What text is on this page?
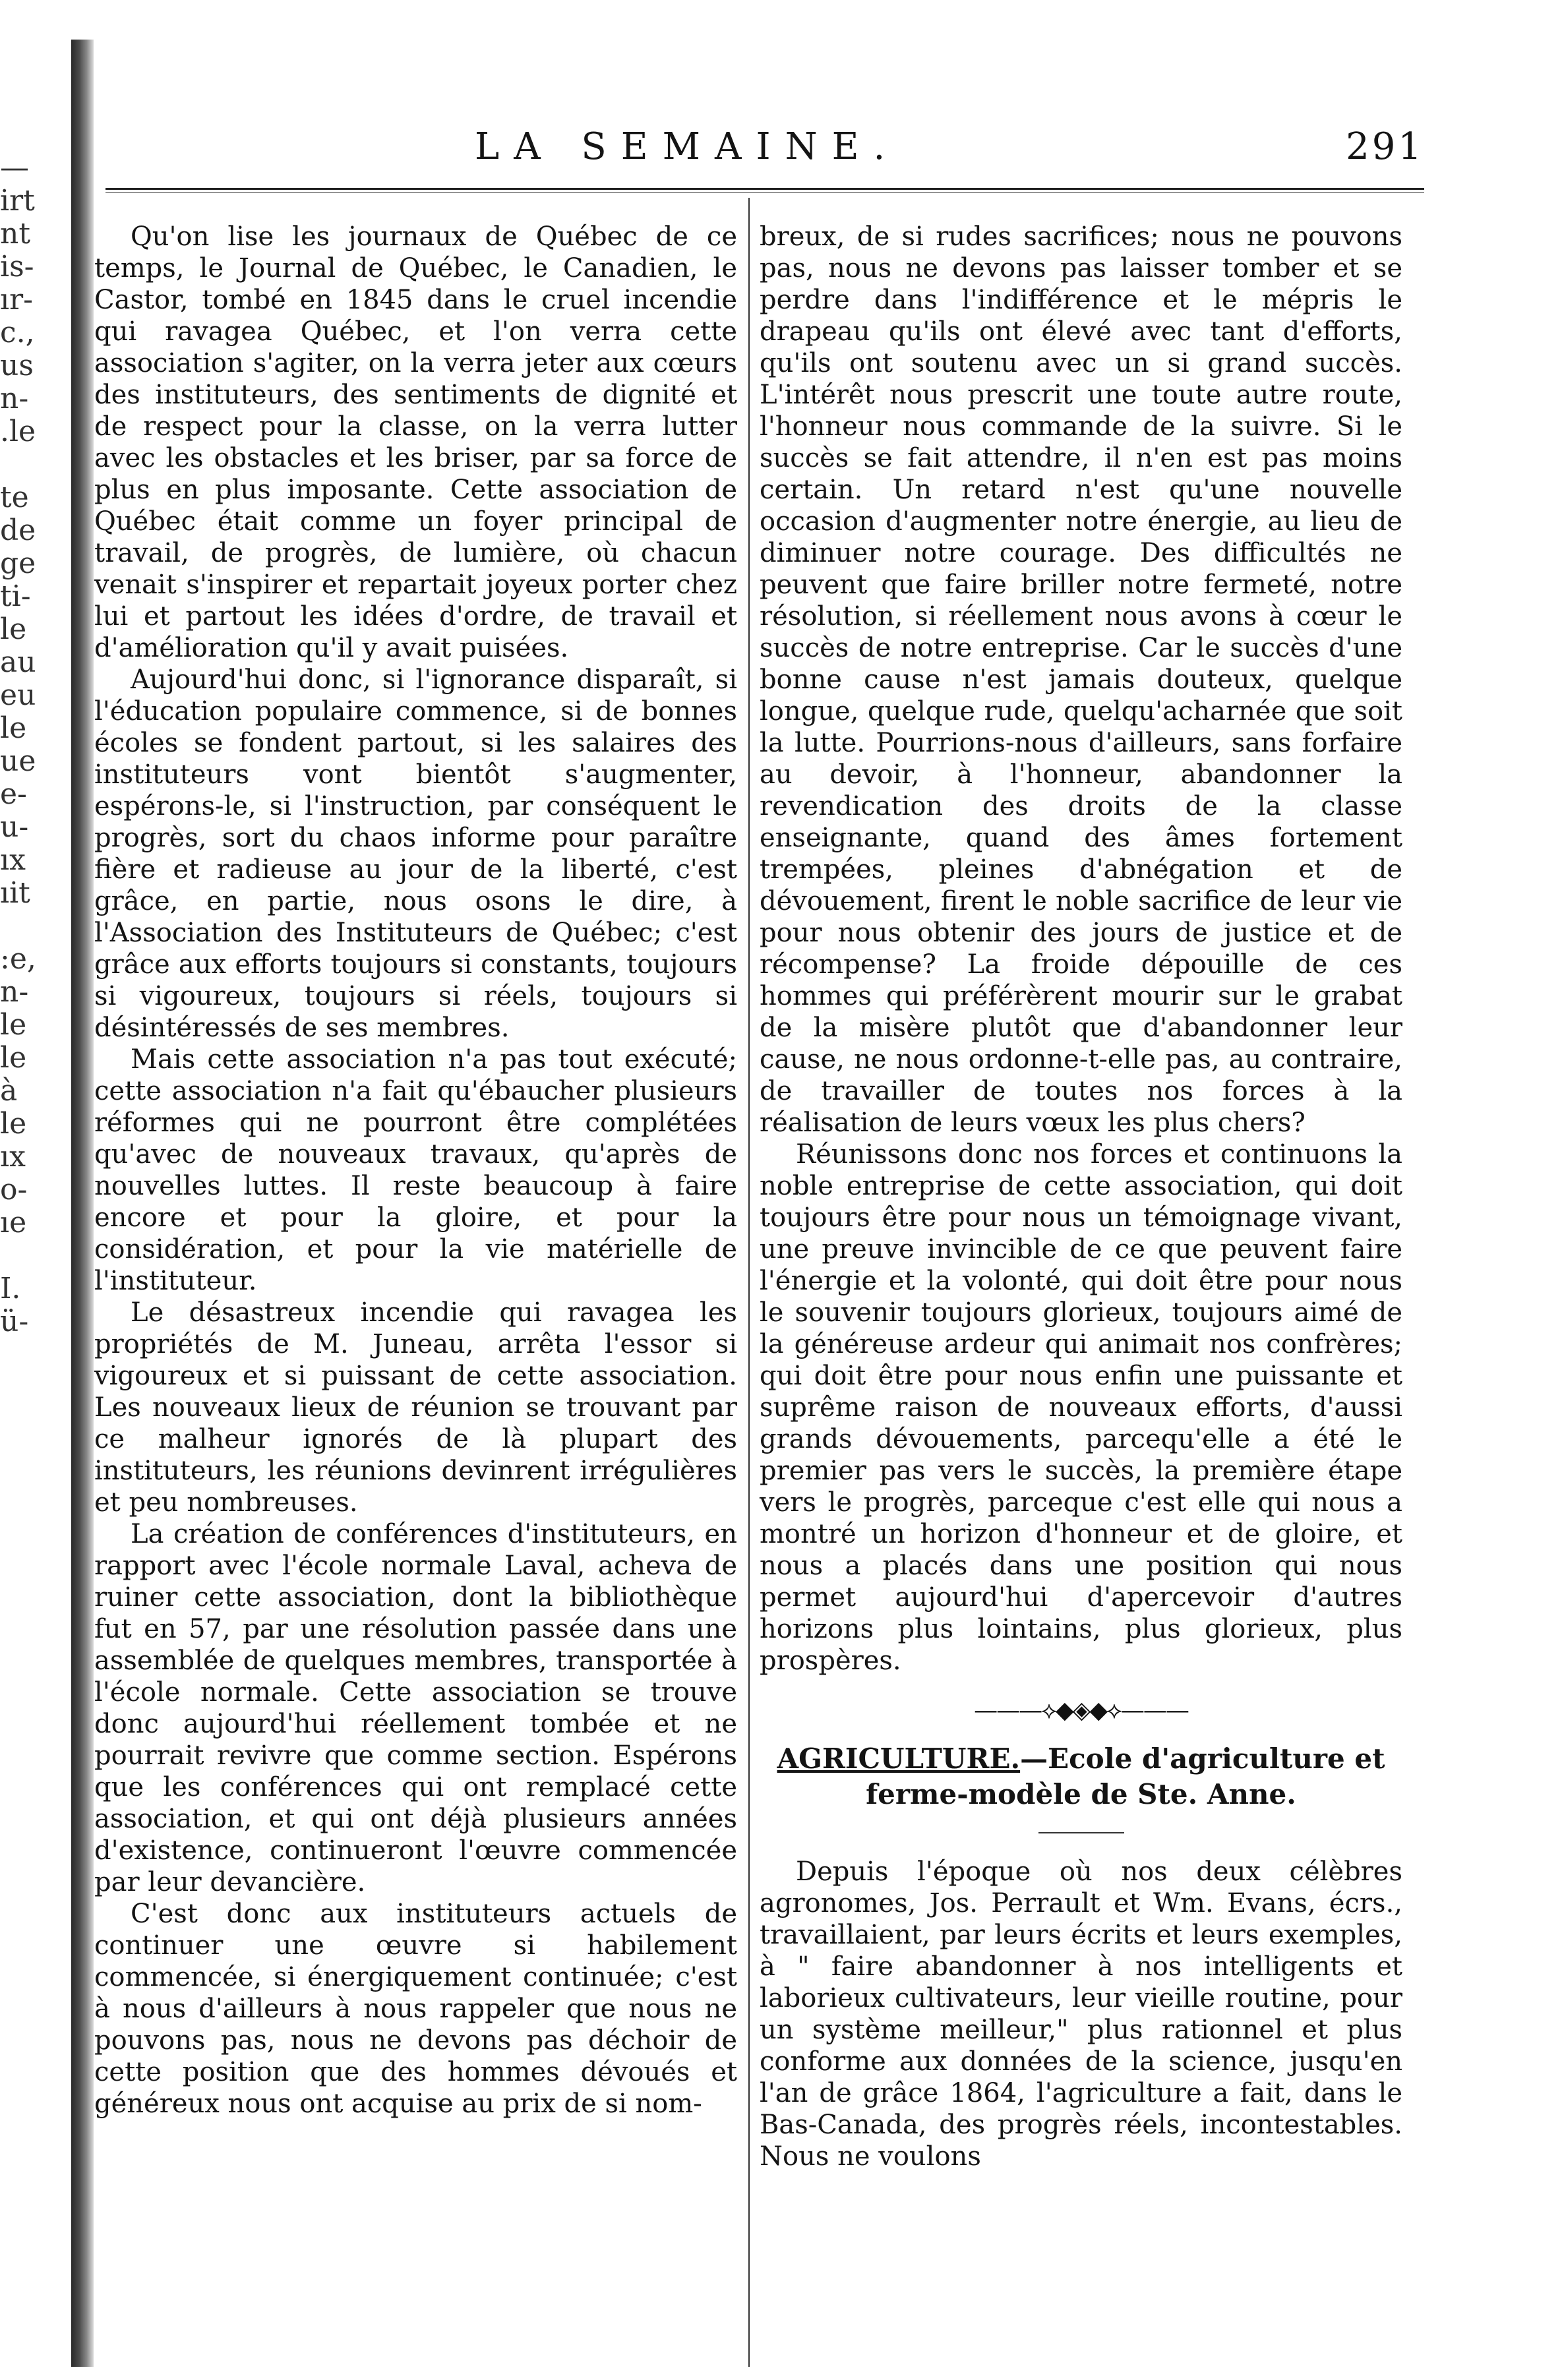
—
irt
nt
is-
ır-
c.,
us
n-
.le

te
de
ge
ti-
le
au
eu
le
ue
e-
u-
ıx
ıit

:e,
n-
le
le
à
le
ıx
o-
ıe

I.
ü-
LA SEMAINE.	291

Qu'on lise les journaux de Québec de ce temps, le Journal de Québec, le Canadien, le Castor, tombé en 1845 dans le cruel incendie qui ravagea Québec, et l'on verra cette association s'agiter, on la verra jeter aux cœurs des instituteurs, des sentiments de dignité et de respect pour la classe, on la verra lutter avec les obstacles et les briser, par sa force de plus en plus imposante. Cette association de Québec était comme un foyer principal de travail, de progrès, de lumière, où chacun venait s'inspirer et repartait joyeux porter chez lui et partout les idées d'ordre, de travail et d'amélioration qu'il y avait puisées.

Aujourd'hui donc, si l'ignorance disparaît, si l'éducation populaire commence, si de bonnes écoles se fondent partout, si les salaires des instituteurs vont bientôt s'augmenter, espérons-le, si l'instruction, par conséquent le progrès, sort du chaos informe pour paraître fière et radieuse au jour de la liberté, c'est grâce, en partie, nous osons le dire, à l'Association des Instituteurs de Québec; c'est grâce aux efforts toujours si constants, toujours si vigoureux, toujours si réels, toujours si désintéressés de ses membres.

Mais cette association n'a pas tout exécuté; cette association n'a fait qu'ébaucher plusieurs réformes qui ne pourront être complétées qu'avec de nouveaux travaux, qu'après de nouvelles luttes. Il reste beaucoup à faire encore et pour la gloire, et pour la considération, et pour la vie matérielle de l'instituteur.

Le désastreux incendie qui ravagea les propriétés de M. Juneau, arrêta l'essor si vigoureux et si puissant de cette association. Les nouveaux lieux de réunion se trouvant par ce malheur ignorés de là plupart des instituteurs, les réunions devinrent irrégulières et peu nombreuses.

La création de conférences d'instituteurs, en rapport avec l'école normale Laval, acheva de ruiner cette association, dont la bibliothèque fut en 57, par une résolution passée dans une assemblée de quelques membres, transportée à l'école normale. Cette association se trouve donc aujourd'hui réellement tombée et ne pourrait revivre que comme section. Espérons que les conférences qui ont remplacé cette association, et qui ont déjà plusieurs années d'existence, continueront l'œuvre commencée par leur devancière.

C'est donc aux instituteurs actuels de continuer une œuvre si habilement commencée, si énergiquement continuée; c'est à nous d'ailleurs à nous rappeler que nous ne pouvons pas, nous ne devons pas déchoir de cette position que des hommes dévoués et généreux nous ont acquise au prix de si nom-

breux, de si rudes sacrifices; nous ne pouvons pas, nous ne devons pas laisser tomber et se perdre dans l'indifférence et le mépris le drapeau qu'ils ont élevé avec tant d'efforts, qu'ils ont soutenu avec un si grand succès. L'intérêt nous prescrit une toute autre route, l'honneur nous commande de la suivre. Si le succès se fait attendre, il n'en est pas moins certain. Un retard n'est qu'une nouvelle occasion d'augmenter notre énergie, au lieu de diminuer notre courage. Des difficultés ne peuvent que faire briller notre fermeté, notre résolution, si réellement nous avons à cœur le succès de notre entreprise. Car le succès d'une bonne cause n'est jamais douteux, quelque longue, quelque rude, quelqu'acharnée que soit la lutte. Pourrions-nous d'ailleurs, sans forfaire au devoir, à l'honneur, abandonner la revendication des droits de la classe enseignante, quand des âmes fortement trempées, pleines d'abnégation et de dévouement, firent le noble sacrifice de leur vie pour nous obtenir des jours de justice et de récompense? La froide dépouille de ces hommes qui préférèrent mourir sur le grabat de la misère plutôt que d'abandonner leur cause, ne nous ordonne-t-elle pas, au contraire, de travailler de toutes nos forces à la réalisation de leurs vœux les plus chers?

Réunissons donc nos forces et continuons la noble entreprise de cette association, qui doit toujours être pour nous un témoignage vivant, une preuve invincible de ce que peuvent faire l'énergie et la volonté, qui doit être pour nous le souvenir toujours glorieux, toujours aimé de la généreuse ardeur qui animait nos confrères; qui doit être pour nous enfin une puissante et suprême raison de nouveaux efforts, d'aussi grands dévouements, parcequ'elle a été le premier pas vers le succès, la première étape vers le progrès, parceque c'est elle qui nous a montré un horizon d'honneur et de gloire, et nous a placés dans une position qui nous permet aujourd'hui d'apercevoir d'autres horizons plus lointains, plus glorieux, plus prospères.

———⟡◆◈◆⟡———
AGRICULTURE.—Ecole d'agriculture et
ferme-modèle de Ste. Anne.

Depuis l'époque où nos deux célèbres agronomes, Jos. Perrault et Wm. Evans, écrs., travaillaient, par leurs écrits et leurs exemples, à " faire abandonner à nos intelligents et laborieux cultivateurs, leur vieille routine, pour un système meilleur," plus rationnel et plus conforme aux données de la science, jusqu'en l'an de grâce 1864, l'agriculture a fait, dans le Bas-Canada, des progrès réels, incontestables. Nous ne voulons
